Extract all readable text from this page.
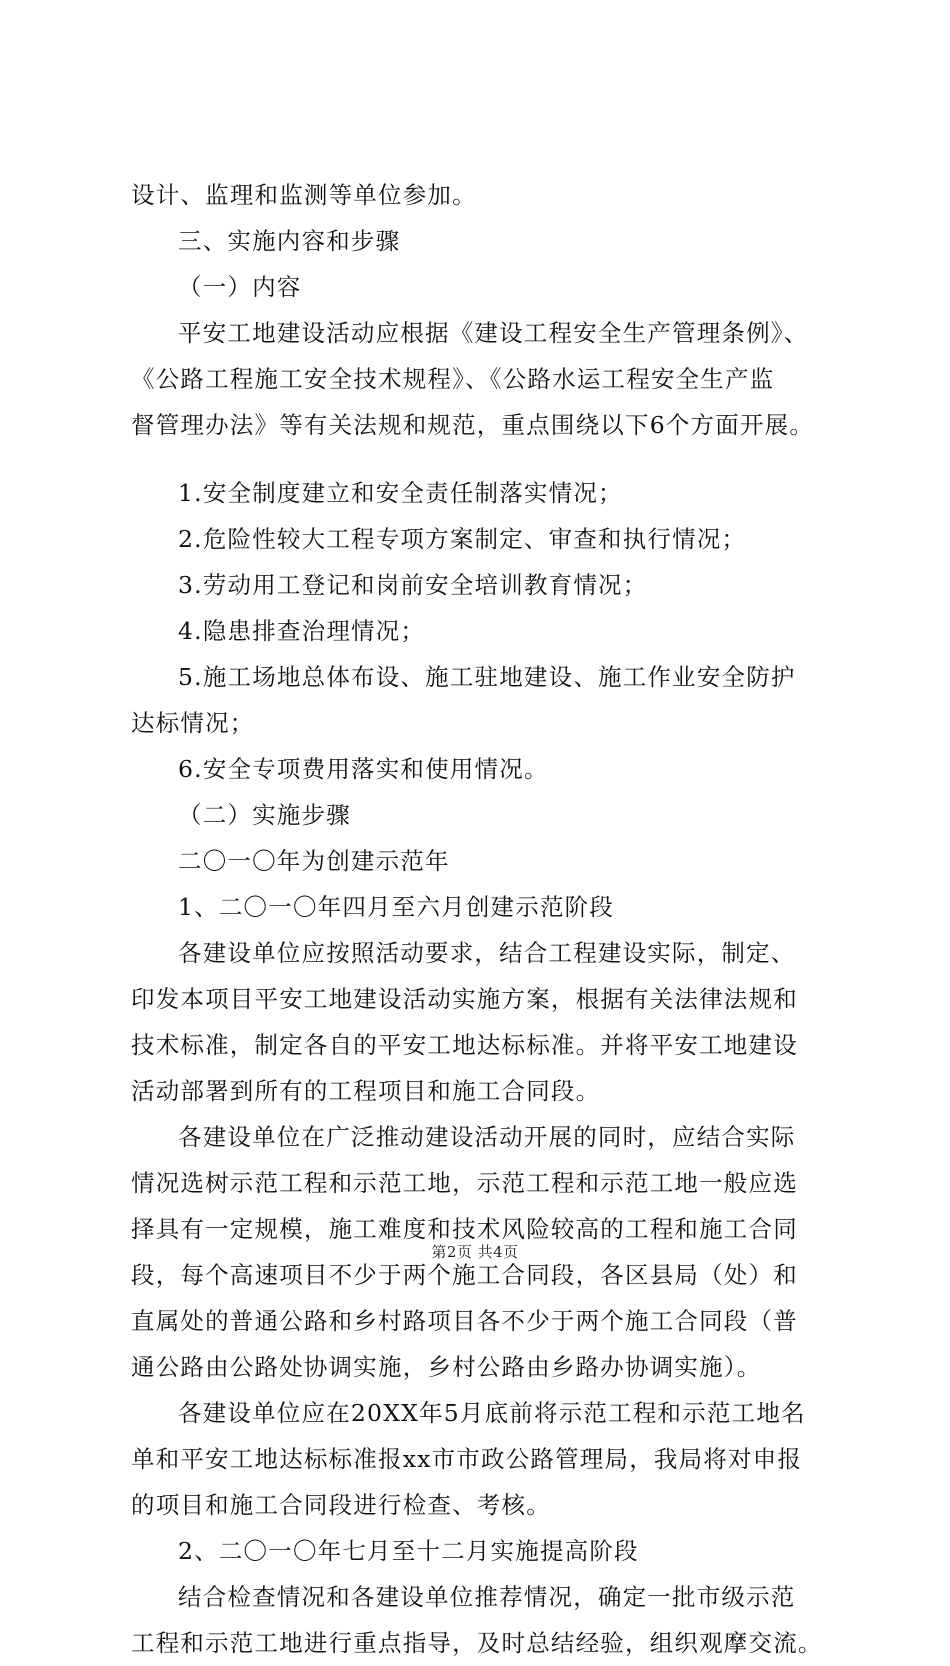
设计、监理和监测等单位参加。
三、实施内容和步骤
（一）内容
平安工地建设活动应根据《建设工程安全生产管理条例》、
《公路工程施工安全技术规程》、《公路水运工程安全生产监
督管理办法》等有关法规和规范，重点围绕以下6个方面开展。
1.安全制度建立和安全责任制落实情况；
2.危险性较大工程专项方案制定、审查和执行情况；
3.劳动用工登记和岗前安全培训教育情况；
4.隐患排查治理情况；
5.施工场地总体布设、施工驻地建设、施工作业安全防护
达标情况；
6.安全专项费用落实和使用情况。
（二）实施步骤
二〇一〇年为创建示范年
1、二〇一〇年四月至六月创建示范阶段
各建设单位应按照活动要求，结合工程建设实际，制定、
印发本项目平安工地建设活动实施方案，根据有关法律法规和
技术标准，制定各自的平安工地达标标准。并将平安工地建设
活动部署到所有的工程项目和施工合同段。
各建设单位在广泛推动建设活动开展的同时，应结合实际
情况选树示范工程和示范工地，示范工程和示范工地一般应选
择具有一定规模，施工难度和技术风险较高的工程和施工合同
段，每个高速项目不少于两个施工合同段，各区县局（处）和
直属处的普通公路和乡村路项目各不少于两个施工合同段（普
通公路由公路处协调实施，乡村公路由乡路办协调实施）。
各建设单位应在20XX年5月底前将示范工程和示范工地名
单和平安工地达标标准报xx市市政公路管理局，我局将对申报
的项目和施工合同段进行检查、考核。
2、二〇一〇年七月至十二月实施提高阶段
结合检查情况和各建设单位推荐情况，确定一批市级示范
工程和示范工地进行重点指导，及时总结经验，组织观摩交流。
第2页 共4页
